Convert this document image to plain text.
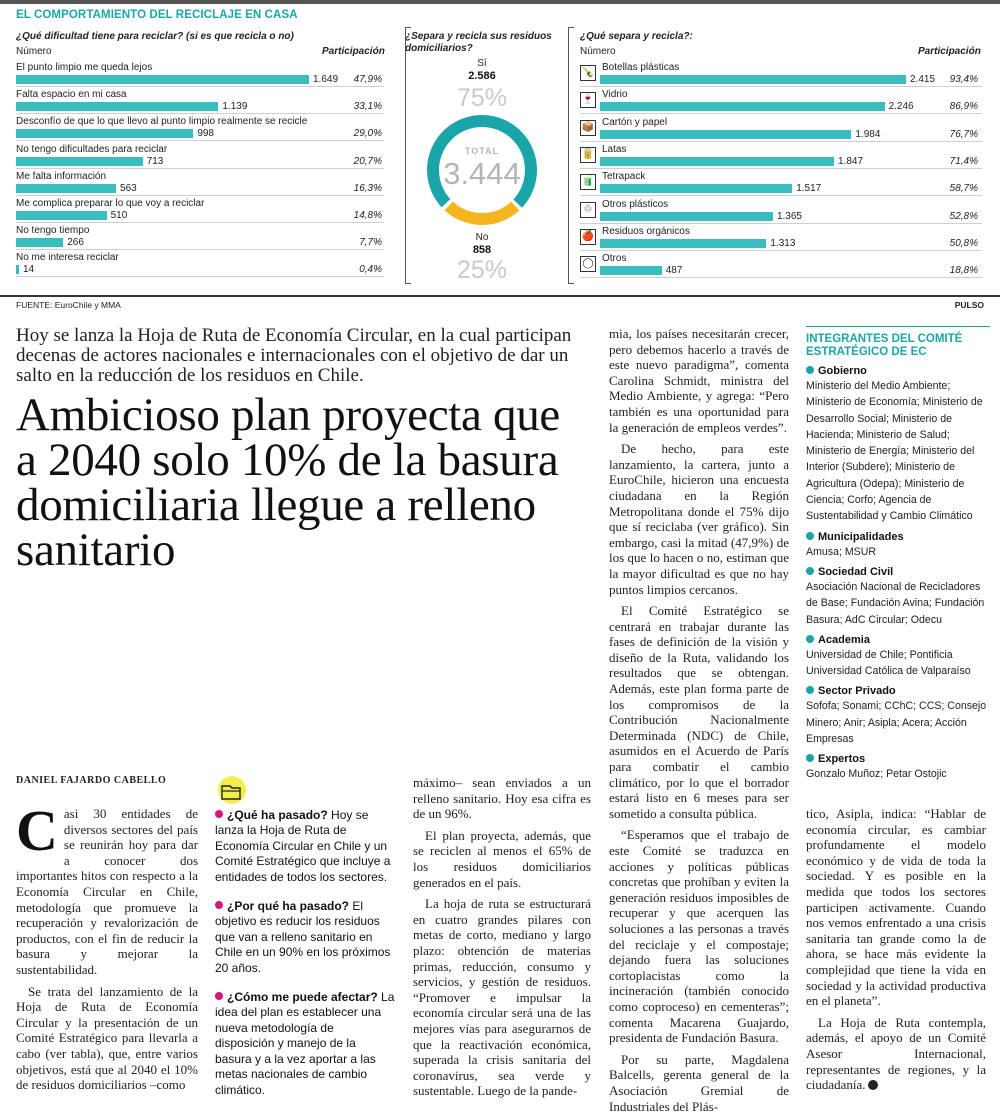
EL COMPORTAMIENTO DEL RECICLAJE EN CASA
¿Qué dificultad tiene para reciclar? (si es que recicla o no)
Número	Participación
El punto limpio me queda lejos
1.649	47,9%
Falta espacio en mi casa
1.139	33,1%
Desconfío de que lo que llevo al punto limpio realmente se recicle
998	29,0%
No tengo dificultades para reciclar
713	20,7%
Me falta información
563	16,3%
Me complica preparar lo que voy a reciclar
510	14,8%
No tengo tiempo
266	7,7%
No me interesa reciclar
14	0,4%
¿Separa y recicla sus residuos domiciliarios?
Sí
2.586
75%
TOTAL
3.444
No
858
25%
¿Qué separa y recicla?:
Número	Participación
🍾 Botellas plásticas
2.415	93,4%
🍷 Vidrio
2.246	86,9%
📦 Cartón y papel
1.984	76,7%
🥫 Latas
1.847	71,4%
🧃 Tetrapack
1.517	58,7%
♲ Otros plásticos
1.365	52,8%
🍎 Residuos orgánicos
1.313	50,8%
◯ Otros
487	18,8%
FUENTE: EuroChile y MMA	PULSO
Hoy se lanza la Hoja de Ruta de Economía Circular, en la cual participan decenas de actores nacionales e internacionales con el objetivo de dar un salto en la reducción de los residuos en Chile.
Ambicioso plan proyecta que a 2040 solo 10% de la basura domiciliaria llegue a relleno sanitario
DANIEL FAJARDO CABELLO

Casi 30 entidades de diversos sectores del país se reunirán hoy para dar a conocer dos importantes hitos con respecto a la Economía Circular en Chile, metodología que promueve la recuperación y revalorización de productos, con el fin de reducir la basura y mejorar la sustentabilidad.

Se trata del lanzamiento de la Hoja de Ruta de Economía Circular y la presentación de un Comité Estratégico para llevarla a cabo (ver tabla), que, entre varios objetivos, está que al 2040 el 10% de residuos domiciliarios –como

¿Qué ha pasado? Hoy se lanza la Hoja de Ruta de Economía Circular en Chile y un Comité Estratégico que incluye a entidades de todos los sectores.

¿Por qué ha pasado? El objetivo es reducir los residuos que van a relleno sanitario en Chile en un 90% en los próximos 20 años.

¿Cómo me puede afectar? La idea del plan es establecer una nueva metodología de disposición y manejo de la basura y a la vez aportar a las metas nacionales de cambio climático.

máximo– sean enviados a un relleno sanitario. Hoy esa cifra es de un 96%.

El plan proyecta, además, que se reciclen al menos el 65% de los residuos domiciliarios generados en el país.

La hoja de ruta se estructurará en cuatro grandes pilares con metas de corto, mediano y largo plazo: obtención de materias primas, reducción, consumo y servicios, y gestión de residuos. “Promover e impulsar la economía circular será una de las mejores vías para asegurarnos de que la reactivación económica, superada la crisis sanitaria del coronavirus, sea verde y sustentable. Luego de la pande-

mia, los países necesitarán crecer, pero debemos hacerlo a través de este nuevo paradigma”, comenta Carolina Schmidt, ministra del Medio Ambiente, y agrega: “Pero también es una oportunidad para la generación de empleos verdes”.

De hecho, para este lanzamiento, la cartera, junto a EuroChile, hicieron una encuesta ciudadana en la Región Metropolitana donde el 75% dijo que sí reciclaba (ver gráfico). Sin embargo, casi la mitad (47,9%) de los que lo hacen o no, estiman que la mayor dificultad es que no hay puntos limpios cercanos.

El Comité Estratégico se centrará en trabajar durante las fases de definición de la visión y diseño de la Ruta, validando los resultados que se obtengan. Además, este plan forma parte de los compromisos de la Contribución Nacionalmente Determinada (NDC) de Chile, asumidos en el Acuerdo de París para combatir el cambio climático, por lo que el borrador estará listo en 6 meses para ser sometido a consulta pública.

“Esperamos que el trabajo de este Comité se traduzca en acciones y políticas públicas concretas que prohíban y eviten la generación residuos imposibles de recuperar y que acerquen las soluciones a las personas a través del reciclaje y el compostaje; dejando fuera las soluciones cortoplacistas como la incineración (también conocido como coproceso) en cementeras”; comenta Macarena Guajardo, presidenta de Fundación Basura.

Por su parte, Magdalena Balcells, gerenta general de la Asociación Gremial de Industriales del Plás-

INTEGRANTES DEL COMITÉ ESTRATÉGICO DE EC
Gobierno
Ministerio del Medio Ambiente; Ministerio de Economía; Ministerio de Desarrollo Social; Ministerio de Hacienda; Ministerio de Salud; Ministerio de Energía; Ministerio del Interior (Subdere); Ministerio de Agricultura (Odepa); Ministerio de Ciencia; Corfo; Agencia de Sustentabilidad y Cambio Climático
Municipalidades
Amusa; MSUR
Sociedad Civil
Asociación Nacional de Recicladores de Base; Fundación Avina; Fundación Basura; AdC Circular; Odecu
Academia
Universidad de Chile; Pontificia Universidad Católica de Valparaíso
Sector Privado
Sofofa; Sonami; CChC; CCS; Consejo Minero; Anir; Asipla; Acera; Acción Empresas
Expertos
Gonzalo Muñoz; Petar Ostojic

tico, Asipla, indica: “Hablar de economía circular, es cambiar profundamente el modelo económico y de vida de toda la sociedad. Y es posible en la medida que todos los sectores participen activamente. Cuando nos vemos enfrentado a una crisis sanitaria tan grande como la de ahora, se hace más evidente la complejidad que tiene la vida en sociedad y la actividad productiva en el planeta”.

La Hoja de Ruta contempla, además, el apoyo de un Comité Asesor Internacional, representantes de regiones, y la ciudadanía.
